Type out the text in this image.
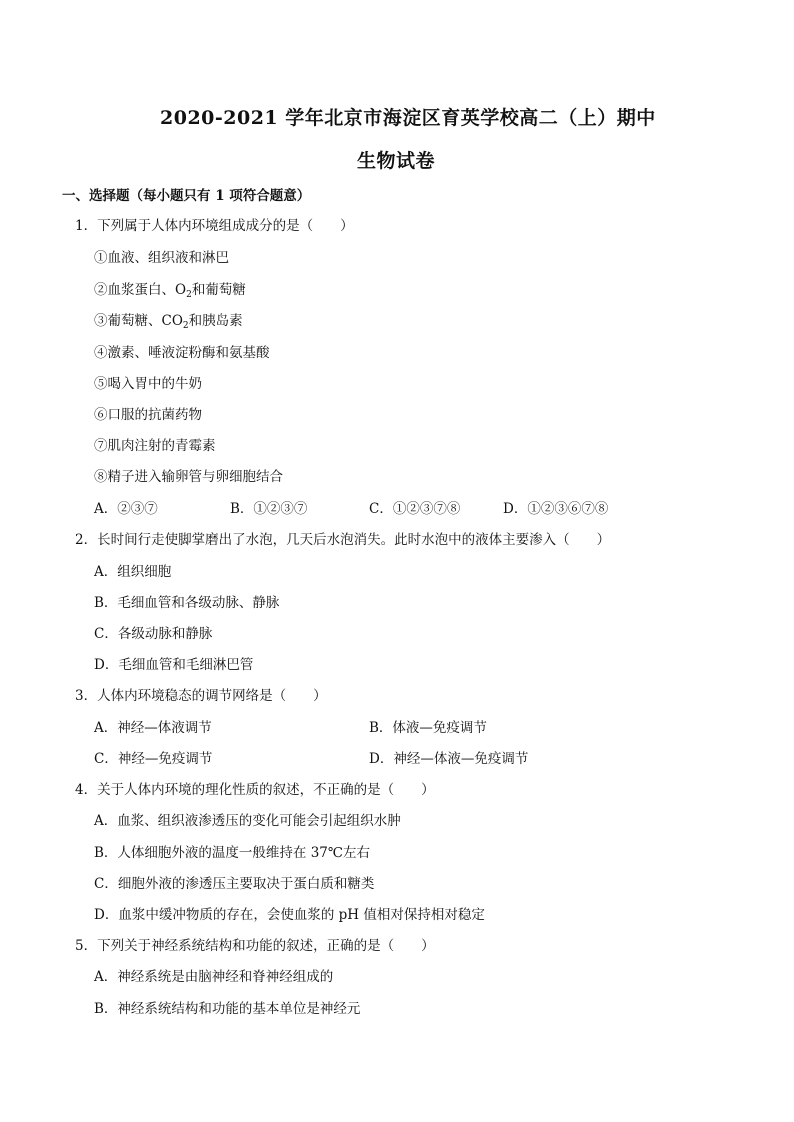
2020-2021 学年北京市海淀区育英学校高二（上）期中
生物试卷
一、选择题（每小题只有 1 项符合题意）
1．下列属于人体内环境组成成分的是（　　）
①血液、组织液和淋巴
②血浆蛋白、$O_2$和葡萄糖
③葡萄糖、$CO_2$和胰岛素
④激素、唾液淀粉酶和氨基酸
⑤喝入胃中的牛奶
⑥口服的抗菌药物
⑦肌肉注射的青霉素
⑧精子进入输卵管与卵细胞结合
A．②③⑦	B．①②③⑦	C．①②③⑦⑧	D．①②③⑥⑦⑧
2．长时间行走使脚掌磨出了水泡，几天后水泡消失。此时水泡中的液体主要渗入（　　）
A．组织细胞
B．毛细血管和各级动脉、静脉
C．各级动脉和静脉
D．毛细血管和毛细淋巴管
3．人体内环境稳态的调节网络是（　　）
A．神经—体液调节	B．体液—免疫调节
C．神经—免疫调节	D．神经—体液—免疫调节
4．关于人体内环境的理化性质的叙述，不正确的是（　　）
A．血浆、组织液渗透压的变化可能会引起组织水肿
B．人体细胞外液的温度一般维持在 37℃左右
C．细胞外液的渗透压主要取决于蛋白质和糖类
D．血浆中缓冲物质的存在，会使血浆的 pH 值相对保持相对稳定
5．下列关于神经系统结构和功能的叙述，正确的是（　　）
A．神经系统是由脑神经和脊神经组成的
B．神经系统结构和功能的基本单位是神经元
